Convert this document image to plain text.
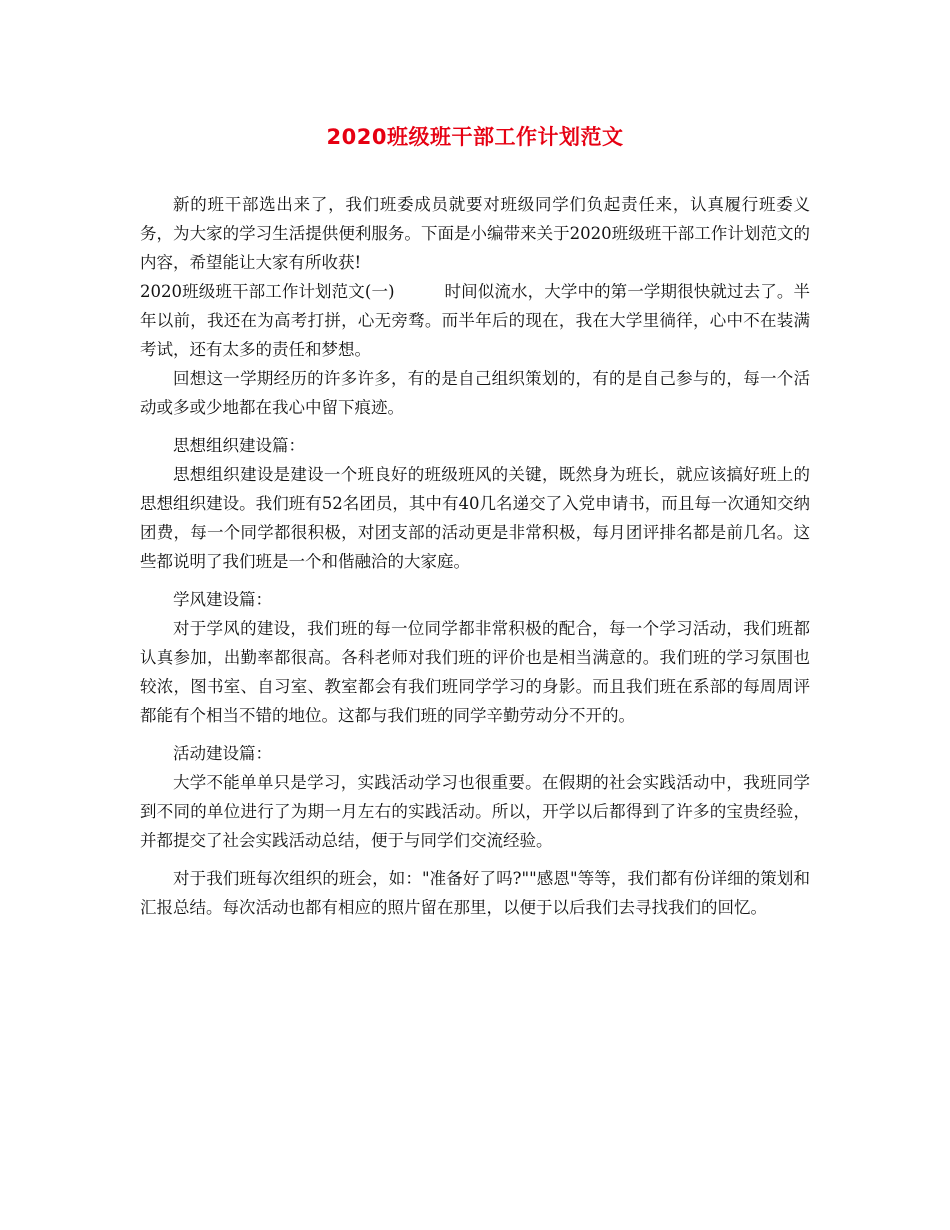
2020班级班干部工作计划范文

新的班干部选出来了，我们班委成员就要对班级同学们负起责任来，认真履行班委义务，为大家的学习生活提供便利服务。下面是小编带来关于2020班级班干部工作计划范文的内容，希望能让大家有所收获!

2020班级班干部工作计划范文(一)　　　时间似流水，大学中的第一学期很快就过去了。半年以前，我还在为高考打拼，心无旁骛。而半年后的现在，我在大学里徜徉，心中不在装满考试，还有太多的责任和梦想。

回想这一学期经历的许多许多，有的是自己组织策划的，有的是自己参与的，每一个活动或多或少地都在我心中留下痕迹。

思想组织建设篇：

思想组织建设是建设一个班良好的班级班风的关键，既然身为班长，就应该搞好班上的思想组织建设。我们班有52名团员，其中有40几名递交了入党申请书，而且每一次通知交纳团费，每一个同学都很积极，对团支部的活动更是非常积极，每月团评排名都是前几名。这些都说明了我们班是一个和偕融洽的大家庭。

学风建设篇：

对于学风的建设，我们班的每一位同学都非常积极的配合，每一个学习活动，我们班都认真参加，出勤率都很高。各科老师对我们班的评价也是相当满意的。我们班的学习氛围也较浓，图书室、自习室、教室都会有我们班同学学习的身影。而且我们班在系部的每周周评都能有个相当不错的地位。这都与我们班的同学辛勤劳动分不开的。

活动建设篇：

大学不能单单只是学习，实践活动学习也很重要。在假期的社会实践活动中，我班同学到不同的单位进行了为期一月左右的实践活动。所以，开学以后都得到了许多的宝贵经验，并都提交了社会实践活动总结，便于与同学们交流经验。

对于我们班每次组织的班会，如："准备好了吗?""感恩"等等，我们都有份详细的策划和汇报总结。每次活动也都有相应的照片留在那里，以便于以后我们去寻找我们的回忆。
